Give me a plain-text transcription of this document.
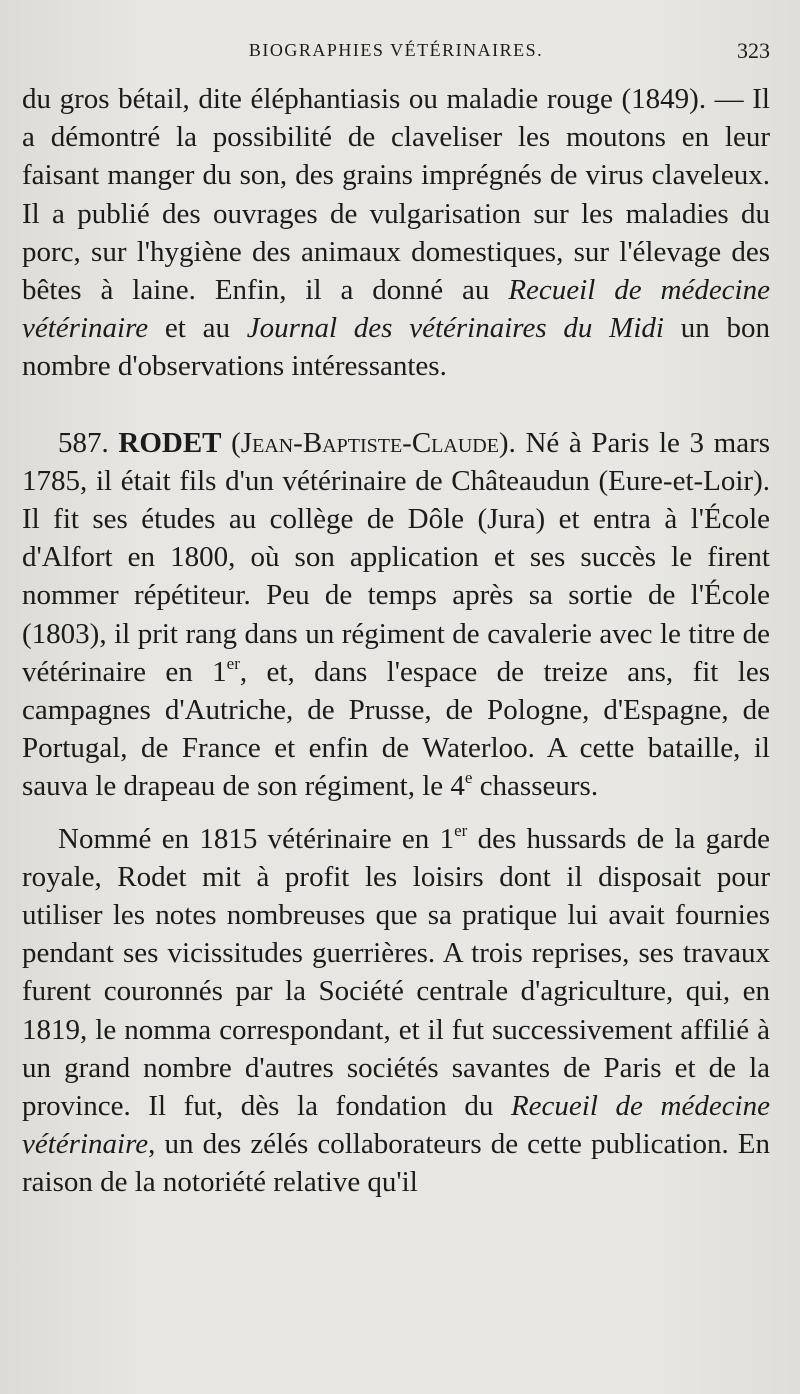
BIOGRAPHIES VÉTÉRINAIRES.	323

du gros bétail, dite éléphantiasis ou maladie rouge (1849). — Il a démontré la possibilité de claveliser les moutons en leur faisant manger du son, des grains imprégnés de virus claveleux. Il a publié des ouvrages de vulgarisation sur les maladies du porc, sur l'hygiène des animaux domestiques, sur l'élevage des bêtes à laine. Enfin, il a donné au Recueil de médecine vétérinaire et au Journal des vétérinaires du Midi un bon nombre d'observations intéressantes.

587. RODET (Jean-Baptiste-Claude). Né à Paris le 3 mars 1785, il était fils d'un vétérinaire de Châteaudun (Eure-et-Loir). Il fit ses études au collège de Dôle (Jura) et entra à l'École d'Alfort en 1800, où son application et ses succès le firent nommer répétiteur. Peu de temps après sa sortie de l'École (1803), il prit rang dans un régiment de cavalerie avec le titre de vétérinaire en 1er, et, dans l'espace de treize ans, fit les campagnes d'Autriche, de Prusse, de Pologne, d'Espagne, de Portugal, de France et enfin de Waterloo. A cette bataille, il sauva le drapeau de son régiment, le 4e chasseurs.

Nommé en 1815 vétérinaire en 1er des hussards de la garde royale, Rodet mit à profit les loisirs dont il disposait pour utiliser les notes nombreuses que sa pratique lui avait fournies pendant ses vicissitudes guerrières. A trois reprises, ses travaux furent couronnés par la Société centrale d'agriculture, qui, en 1819, le nomma correspondant, et il fut successivement affilié à un grand nombre d'autres sociétés savantes de Paris et de la province. Il fut, dès la fondation du Recueil de médecine vétérinaire, un des zélés collaborateurs de cette publication. En raison de la notoriété relative qu'il
